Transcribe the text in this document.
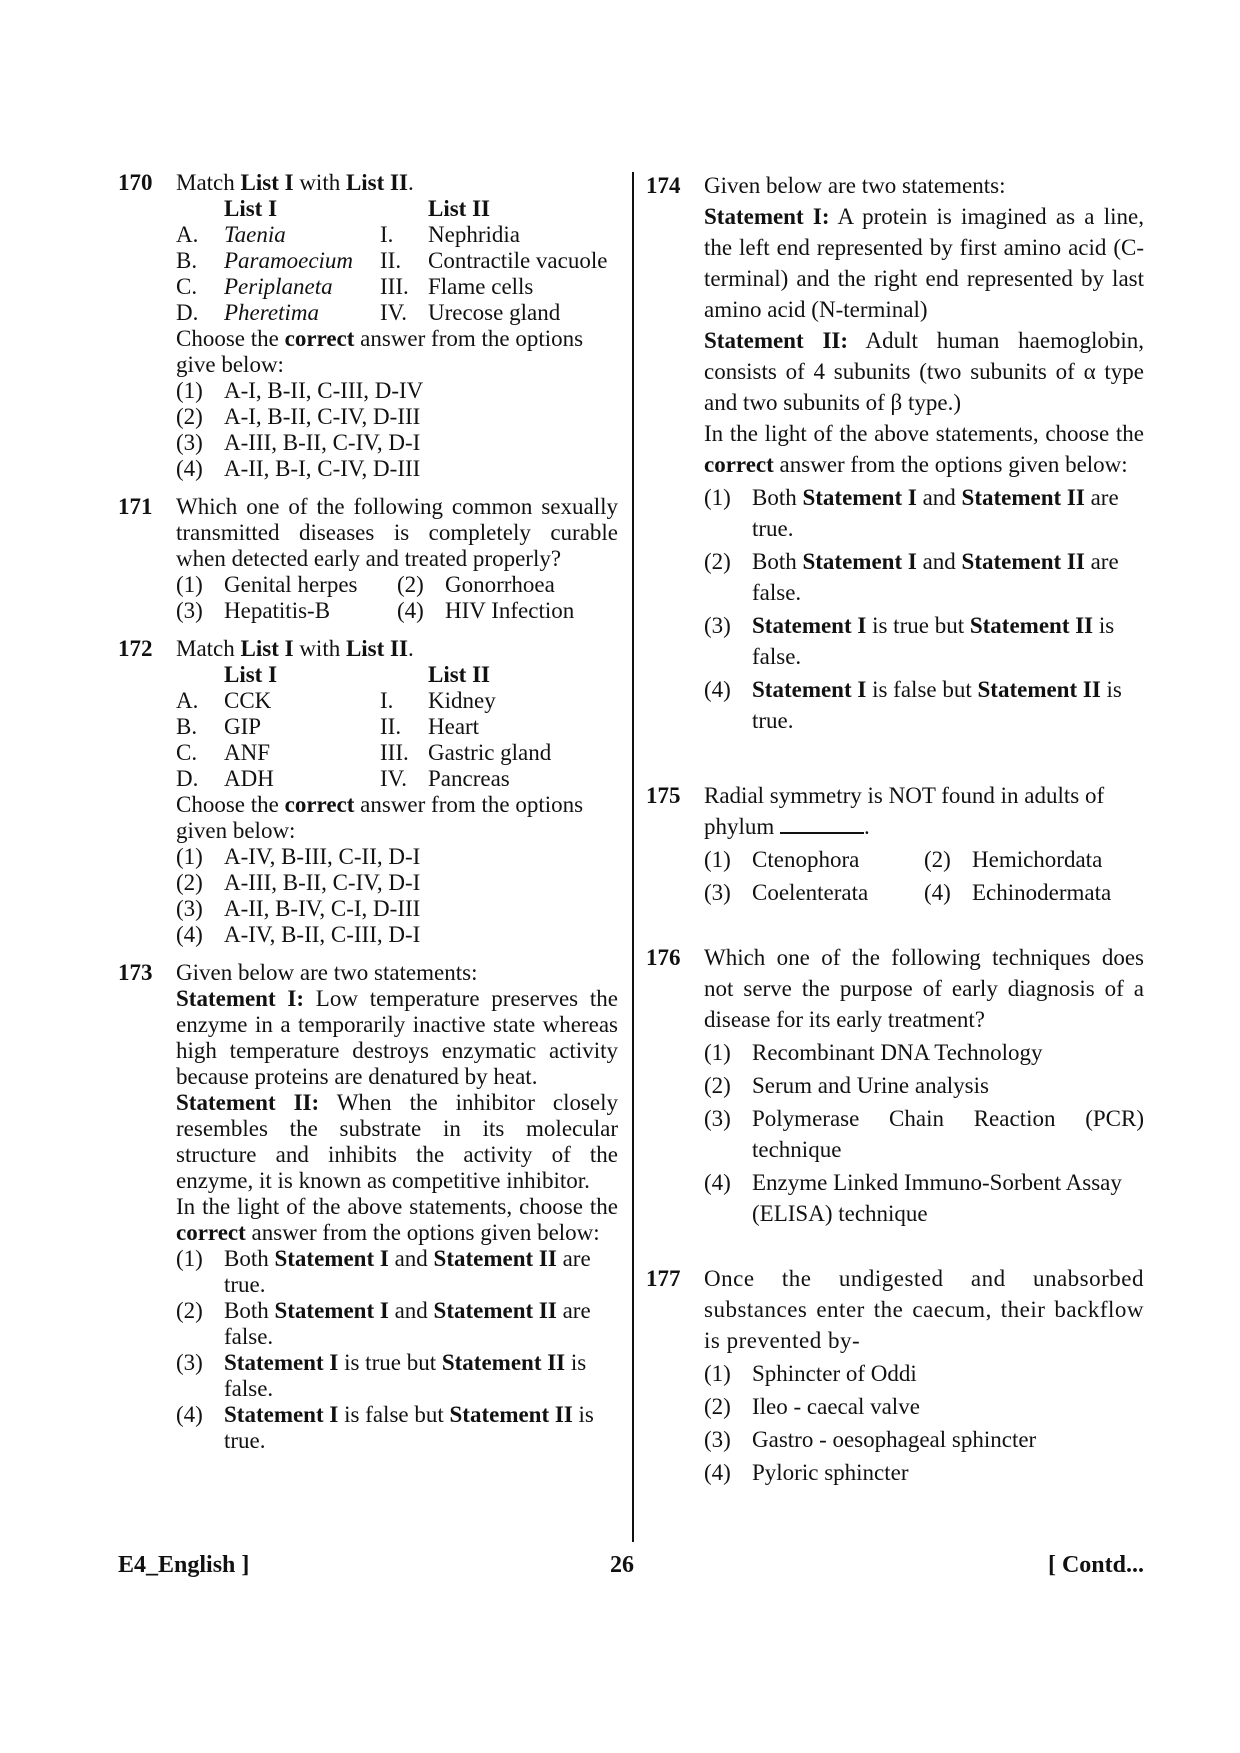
170 Match List I with List II.
List I	List II
A.	Taenia	I.	Nephridia
B.	Paramoecium	II.	Contractile vacuole
C.	Periplaneta	III. Flame cells
D.	Pheretima	IV. Urecose gland
Choose the correct answer from the options give below:
(1) A-I, B-II, C-III, D-IV
(2) A-I, B-II, C-IV, D-III
(3) A-III, B-II, C-IV, D-I
(4) A-II, B-I, C-IV, D-III
171 Which one of the following common sexually transmitted diseases is completely curable when detected early and treated properly?
(1) Genital herpes	(2) Gonorrhoea
(3) Hepatitis-B	(4) HIV Infection
172 Match List I with List II.
List I	List II
A.	CCK	I.	Kidney
B.	GIP	II.	Heart
C.	ANF	III. Gastric gland
D.	ADH	IV. Pancreas
Choose the correct answer from the options given below:
(1) A-IV, B-III, C-II, D-I
(2) A-III, B-II, C-IV, D-I
(3) A-II, B-IV, C-I, D-III
(4) A-IV, B-II, C-III, D-I
173 Given below are two statements:
Statement I: Low temperature preserves the enzyme in a temporarily inactive state whereas high temperature destroys enzymatic activity because proteins are denatured by heat.
Statement II: When the inhibitor closely resembles the substrate in its molecular structure and inhibits the activity of the enzyme, it is known as competitive inhibitor.
In the light of the above statements, choose the correct answer from the options given below:
(1) Both Statement I and Statement II are true.
(2) Both Statement I and Statement II are false.
(3) Statement I is true but Statement II is false.
(4) Statement I is false but Statement II is true.
174 Given below are two statements:
Statement I: A protein is imagined as a line, the left end represented by first amino acid (C-terminal) and the right end represented by last amino acid (N-terminal)
Statement II: Adult human haemoglobin, consists of 4 subunits (two subunits of α type and two subunits of β type.)
In the light of the above statements, choose the correct answer from the options given below:
(1) Both Statement I and Statement II are true.
(2) Both Statement I and Statement II are false.
(3) Statement I is true but Statement II is false.
(4) Statement I is false but Statement II is true.
175 Radial symmetry is NOT found in adults of phylum	.
(1) Ctenophora	(2) Hemichordata
(3) Coelenterata	(4) Echinodermata
176 Which one of the following techniques does not serve the purpose of early diagnosis of a disease for its early treatment?
(1) Recombinant DNA Technology
(2) Serum and Urine analysis
(3) Polymerase Chain Reaction (PCR) technique
(4) Enzyme Linked Immuno-Sorbent Assay (ELISA) technique
177 Once the undigested and unabsorbed substances enter the caecum, their backflow is prevented by-
(1) Sphincter of Oddi
(2) Ileo - caecal valve
(3) Gastro - oesophageal sphincter
(4) Pyloric sphincter
E4_English ]	26	[ Contd...
